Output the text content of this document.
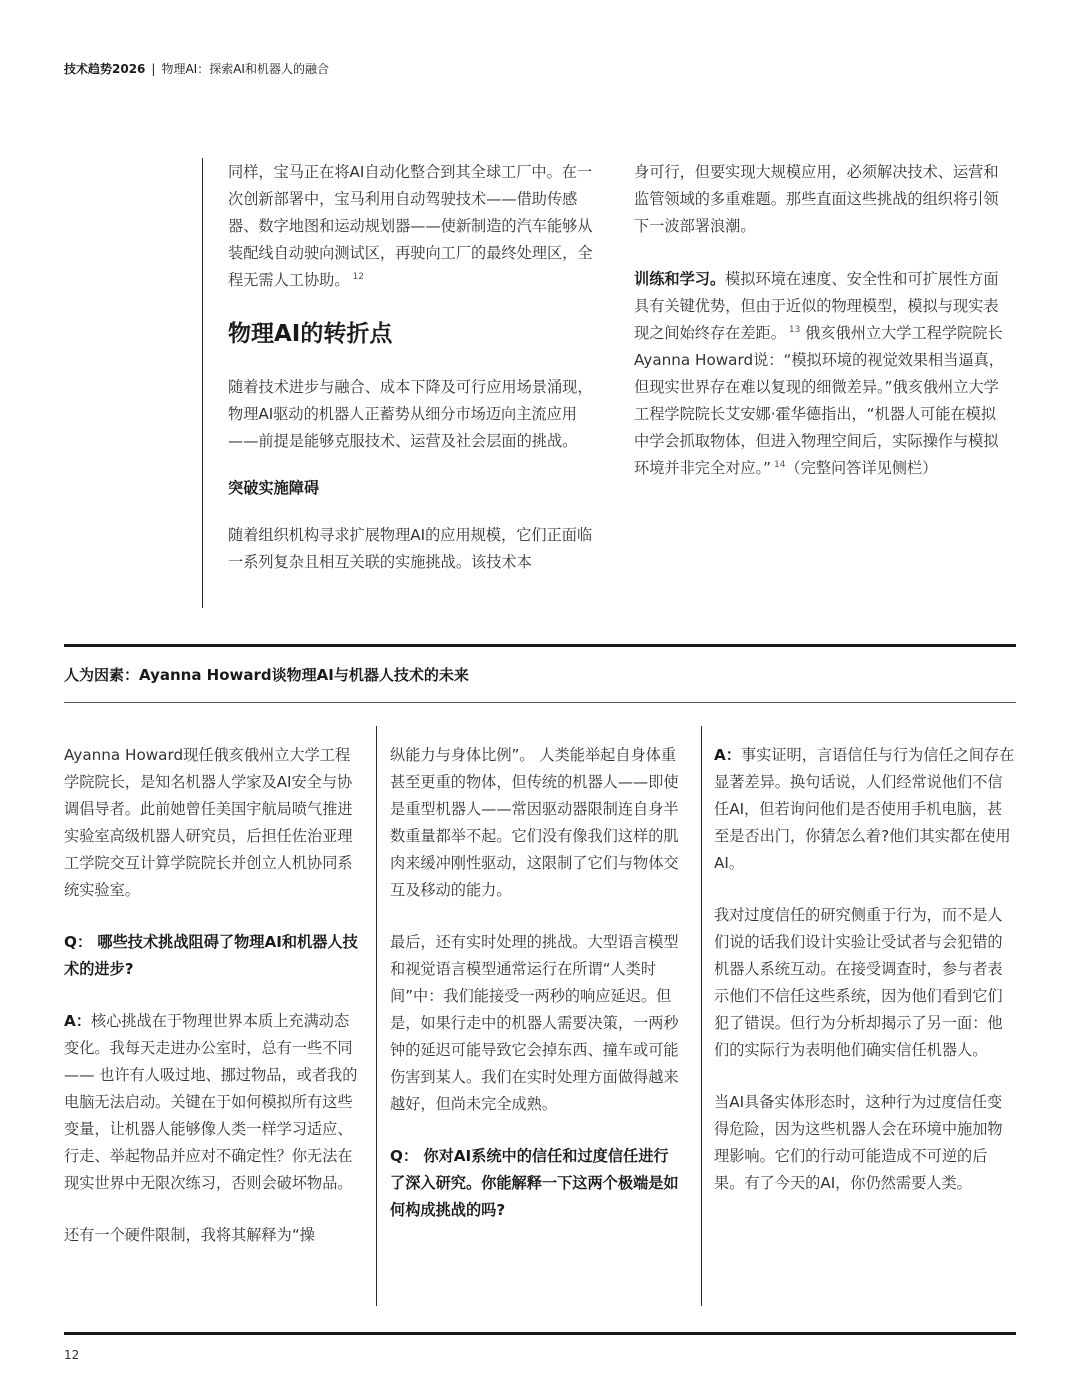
技术趋势2026 | 物理AI：探索AI和机器人的融合

同样，宝马正在将AI自动化整合到其全球工厂中。在一次创新部署中，宝马利用自动驾驶技术——借助传感器、数字地图和运动规划器——使新制造的汽车能够从装配线自动驶向测试区，再驶向工厂的最终处理区，全程无需人工协助。 $^{12}$

物理AI的转折点

随着技术进步与融合、成本下降及可行应用场景涌现，物理AI驱动的机器人正蓄势从细分市场迈向主流应用——前提是能够克服技术、运营及社会层面的挑战。

突破实施障碍

随着组织机构寻求扩展物理AI的应用规模，它们正面临一系列复杂且相互关联的实施挑战。该技术本

身可行，但要实现大规模应用，必须解决技术、运营和监管领域的多重难题。那些直面这些挑战的组织将引领下一波部署浪潮。

训练和学习。模拟环境在速度、安全性和可扩展性方面具有关键优势，但由于近似的物理模型，模拟与现实表现之间始终存在差距。 $^{13}$ 俄亥俄州立大学工程学院院长Ayanna Howard说：“模拟环境的视觉效果相当逼真，但现实世界存在难以复现的细微差异。”俄亥俄州立大学工程学院院长艾安娜·霍华德指出，“机器人可能在模拟中学会抓取物体，但进入物理空间后，实际操作与模拟环境并非完全对应。” $^{14}$（完整问答详见侧栏）

人为因素：Ayanna Howard谈物理AI与机器人技术的未来

Ayanna Howard现任俄亥俄州立大学工程学院院长，是知名机器人学家及AI安全与协调倡导者。此前她曾任美国宇航局喷气推进实验室高级机器人研究员，后担任佐治亚理工学院交互计算学院院长并创立人机协同系统实验室。

Q： 哪些技术挑战阻碍了物理AI和机器人技术的进步?

A：核心挑战在于物理世界本质上充满动态变化。我每天走进办公室时，总有一些不同—— 也许有人吸过地、挪过物品，或者我的电脑无法启动。关键在于如何模拟所有这些变量，让机器人能够像人类一样学习适应、行走、举起物品并应对不确定性？你无法在现实世界中无限次练习，否则会破坏物品。

还有一个硬件限制，我将其解释为“操

纵能力与身体比例”。 人类能举起自身体重甚至更重的物体，但传统的机器人——即使是重型机器人——常因驱动器限制连自身半数重量都举不起。它们没有像我们这样的肌肉来缓冲刚性驱动，这限制了它们与物体交互及移动的能力。

最后，还有实时处理的挑战。大型语言模型和视觉语言模型通常运行在所谓“人类时间”中：我们能接受一两秒的响应延迟。但是，如果行走中的机器人需要决策，一两秒钟的延迟可能导致它会掉东西、撞车或可能伤害到某人。我们在实时处理方面做得越来越好，但尚未完全成熟。

Q： 你对AI系统中的信任和过度信任进行了深入研究。你能解释一下这两个极端是如何构成挑战的吗?

A：事实证明，言语信任与行为信任之间存在显著差异。换句话说，人们经常说他们不信任AI，但若询问他们是否使用手机电脑，甚至是否出门，你猜怎么着?他们其实都在使用AI。

我对过度信任的研究侧重于行为，而不是人们说的话我们设计实验让受试者与会犯错的机器人系统互动。在接受调查时，参与者表示他们不信任这些系统，因为他们看到它们犯了错误。但行为分析却揭示了另一面：他们的实际行为表明他们确实信任机器人。

当AI具备实体形态时，这种行为过度信任变得危险，因为这些机器人会在环境中施加物理影响。它们的行动可能造成不可逆的后果。有了今天的AI，你仍然需要人类。

12
